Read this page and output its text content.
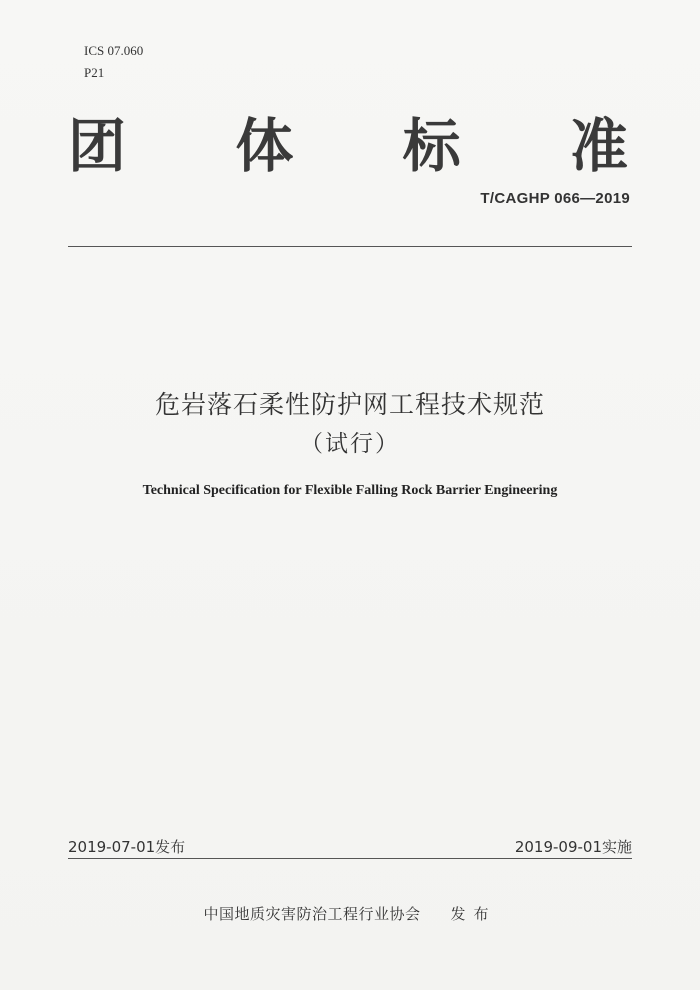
ICS 07.060
P21
团 体 标 准
T/CAGHP 066—2019
危岩落石柔性防护网工程技术规范
（试行）
Technical Specification for Flexible Falling Rock Barrier Engineering
2019-07-01发布	2019-09-01实施
中国地质灾害防治工程行业协会 发布
